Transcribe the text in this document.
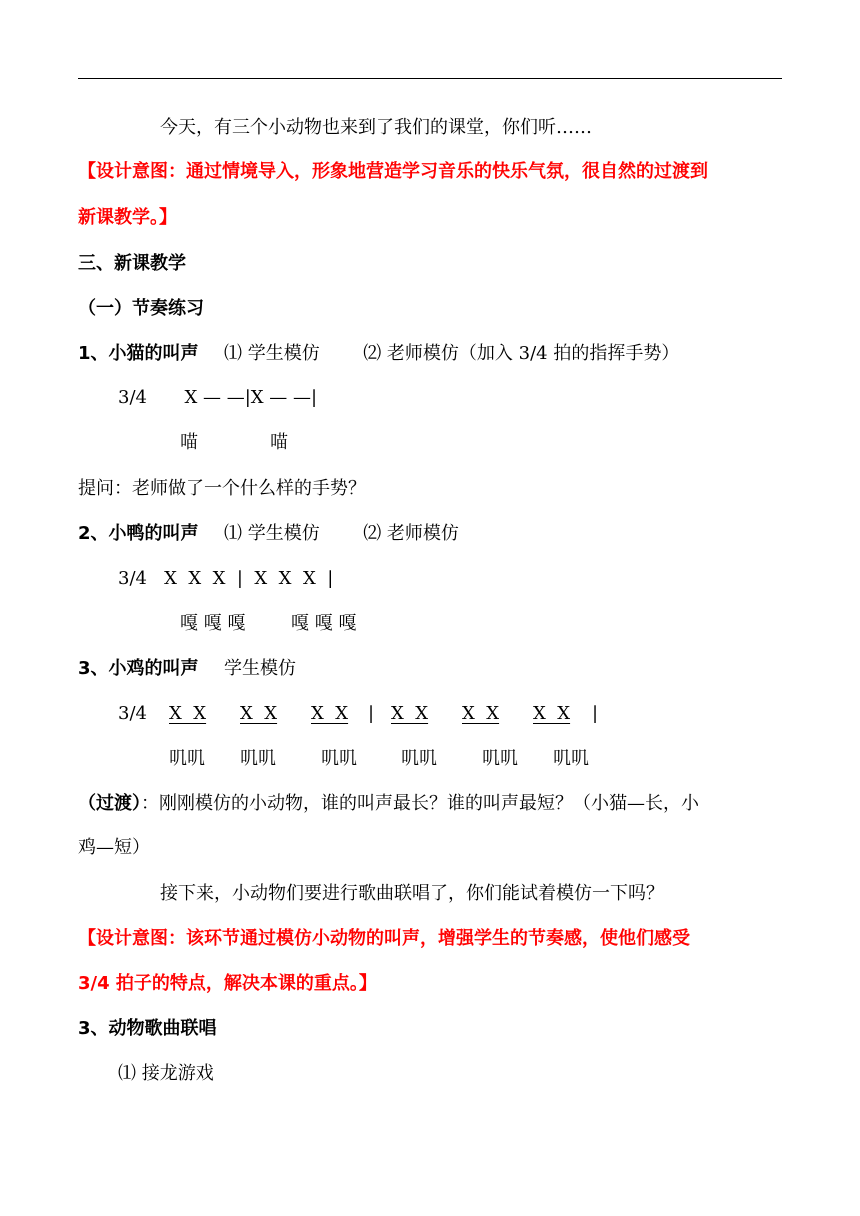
今天，有三个小动物也来到了我们的课堂，你们听……
【设计意图：通过情境导入，形象地营造学习音乐的快乐气氛，很自然的过渡到
新课教学。】
三、新课教学
（一）节奏练习
1、小猫的叫声 ⑴ 学生模仿 ⑵ 老师模仿（加入 3/4 拍的指挥手势）
3/4 X — —|X — —|
喵	喵
提问：老师做了一个什么样的手势？
2、小鸭的叫声 ⑴ 学生模仿 ⑵ 老师模仿
3/4 X  X  X  |  X  X  X  |
嘎 嘎 嘎	嘎 嘎 嘎
3、小鸡的叫声 学生模仿
3/4 X  X X  X X  X | X  X X  X X  X |
叽叽 叽叽	叽叽 叽叽	叽叽 叽叽
（过渡）：刚刚模仿的小动物，谁的叫声最长？谁的叫声最短？（小猫—长，小
鸡—短）
接下来，小动物们要进行歌曲联唱了，你们能试着模仿一下吗？
【设计意图：该环节通过模仿小动物的叫声，增强学生的节奏感，使他们感受
3/4 拍子的特点，解决本课的重点。】
3、动物歌曲联唱
⑴ 接龙游戏
